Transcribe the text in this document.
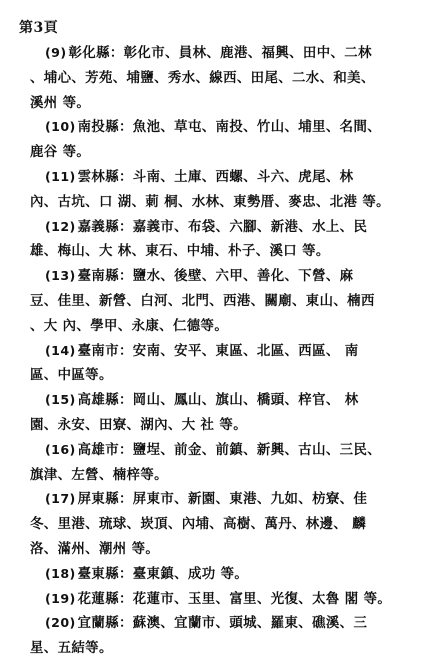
第3頁
(9) 彰化縣：彰化市、員林、鹿港、福興、田中、二林
、埔心、芳苑、埔鹽、秀水、線西、田尾、二水、和美、
溪州 等。
(10) 南投縣：魚池、草屯、南投、竹山、埔里、名間、
鹿谷 等。
(11) 雲林縣：斗南、土庫、西螺、斗六、虎尾、林
內、古坑、口 湖、莿 桐、水林、東勢厝、麥忠、北港 等。
(12) 嘉義縣：嘉義市、布袋、六腳、新港、水上、民
雄、梅山、大 林、東石、中埔、朴子、溪口 等。
(13) 臺南縣：鹽水、後壁、六甲、善化、下營、麻
豆、佳里、新營、白河、北門、西港、關廟、東山、楠西
、大 內、學甲、永康、仁德等。
(14) 臺南市：安南、安平、東區、北區、西區、 南
區、中區等。
(15) 高雄縣：岡山、鳳山、旗山、橋頭、梓官、 林
園、永安、田寮、湖內、大 社 等。
(16) 高雄市：鹽埕、前金、前鎮、新興、古山、三民、
旗津、左營、楠梓等。
(17) 屏東縣：屏東市、新園、東港、九如、枋寮、佳
冬、里港、琉球、崁頂、內埔、高樹、萬丹、林邊、 麟
洛、滿州、潮州 等。
(18) 臺東縣：臺東鎮、成功 等。
(19) 花蓮縣：花蓮市、玉里、富里、光復、太魯 閣 等。
(20) 宜蘭縣：蘇澳、宜蘭市、頭城、羅東、礁溪、三
星、五結等。
